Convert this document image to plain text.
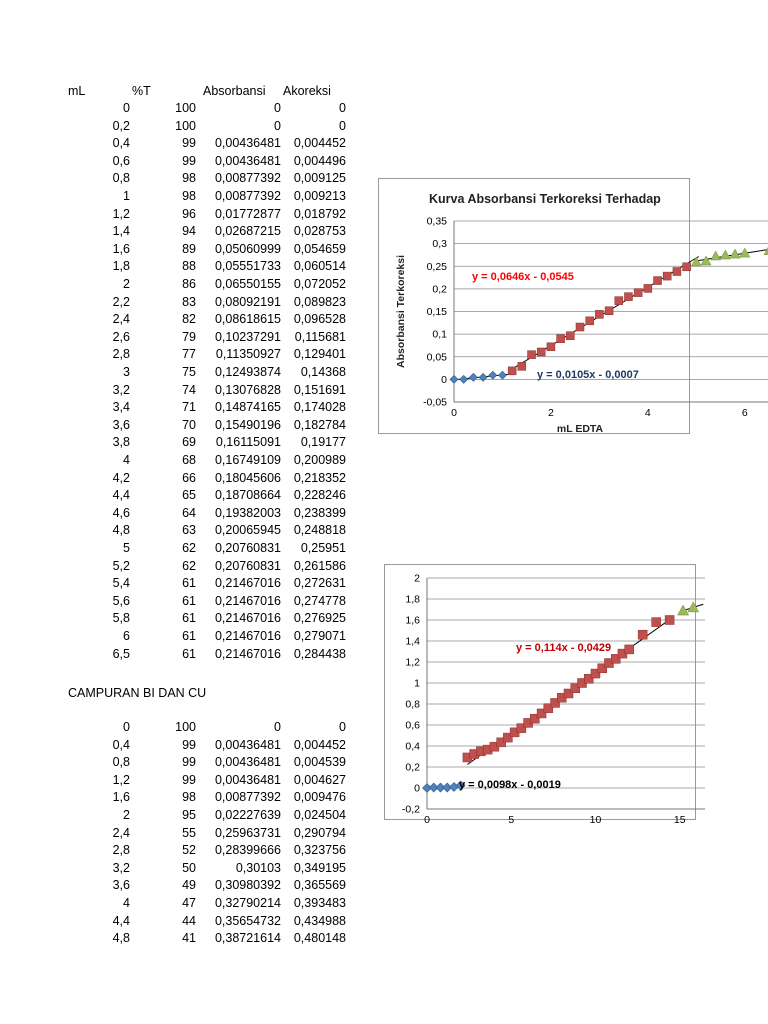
mL	%T	Absorbansi Akoreksi
0	100	0	0
0,2	100	0	0
0,4	99 0,00436481 0,004452
0,6	99 0,00436481 0,004496
0,8	98 0,00877392 0,009125
1	98 0,00877392 0,009213
1,2	96 0,01772877 0,018792
1,4	94 0,02687215 0,028753
1,6	89 0,05060999 0,054659
1,8	88 0,05551733 0,060514
2	86 0,06550155 0,072052
2,2	83 0,08092191 0,089823
2,4	82 0,08618615 0,096528
2,6	79 0,10237291 0,115681
2,8	77 0,11350927 0,129401
3	75 0,12493874 0,14368
3,2	74 0,13076828 0,151691
3,4	71 0,14874165 0,174028
3,6	70 0,15490196 0,182784
3,8	69 0,16115091 0,19177
4	68 0,16749109 0,200989
4,2	66 0,18045606 0,218352
4,4	65 0,18708664 0,228246
4,6	64 0,19382003 0,238399
4,8	63 0,20065945 0,248818
5	62 0,20760831 0,25951
5,2	62 0,20760831 0,261586
5,4	61 0,21467016 0,272631
5,6	61 0,21467016 0,274778
5,8	61 0,21467016 0,276925
6	61 0,21467016 0,279071
6,5	61 0,21467016 0,284438
CAMPURAN BI DAN CU
0	100	0	0
0,4	99 0,00436481 0,004452
0,8	99 0,00436481 0,004539
1,2	99 0,00436481 0,004627
1,6	98 0,00877392 0,009476
2	95 0,02227639 0,024504
2,4	55 0,25963731 0,290794
2,8	52 0,28399666 0,323756
3,2	50	0,30103 0,349195
3,6	49 0,30980392 0,365569
4	47 0,32790214 0,393483
4,4	44 0,35654732 0,434988
4,8	41 0,38721614 0,480148
Kurva Absorbansi Terkoreksi Terhadap
-0,05
0
0,05
0,1
0,15
0,2
0,25
0,3
0,35
0	2	4	6
mL EDTA
Absorbansi Terkoreksi	y = 0,0646x - 0,0545
y = 0,0105x - 0,0007
-0,2
0
0,2
0,4
0,6
0,8
1
1,2
1,4
1,6
1,8
2
0	5	10	15
y = 0,114x - 0,0429
y = 0,0098x - 0,0019
